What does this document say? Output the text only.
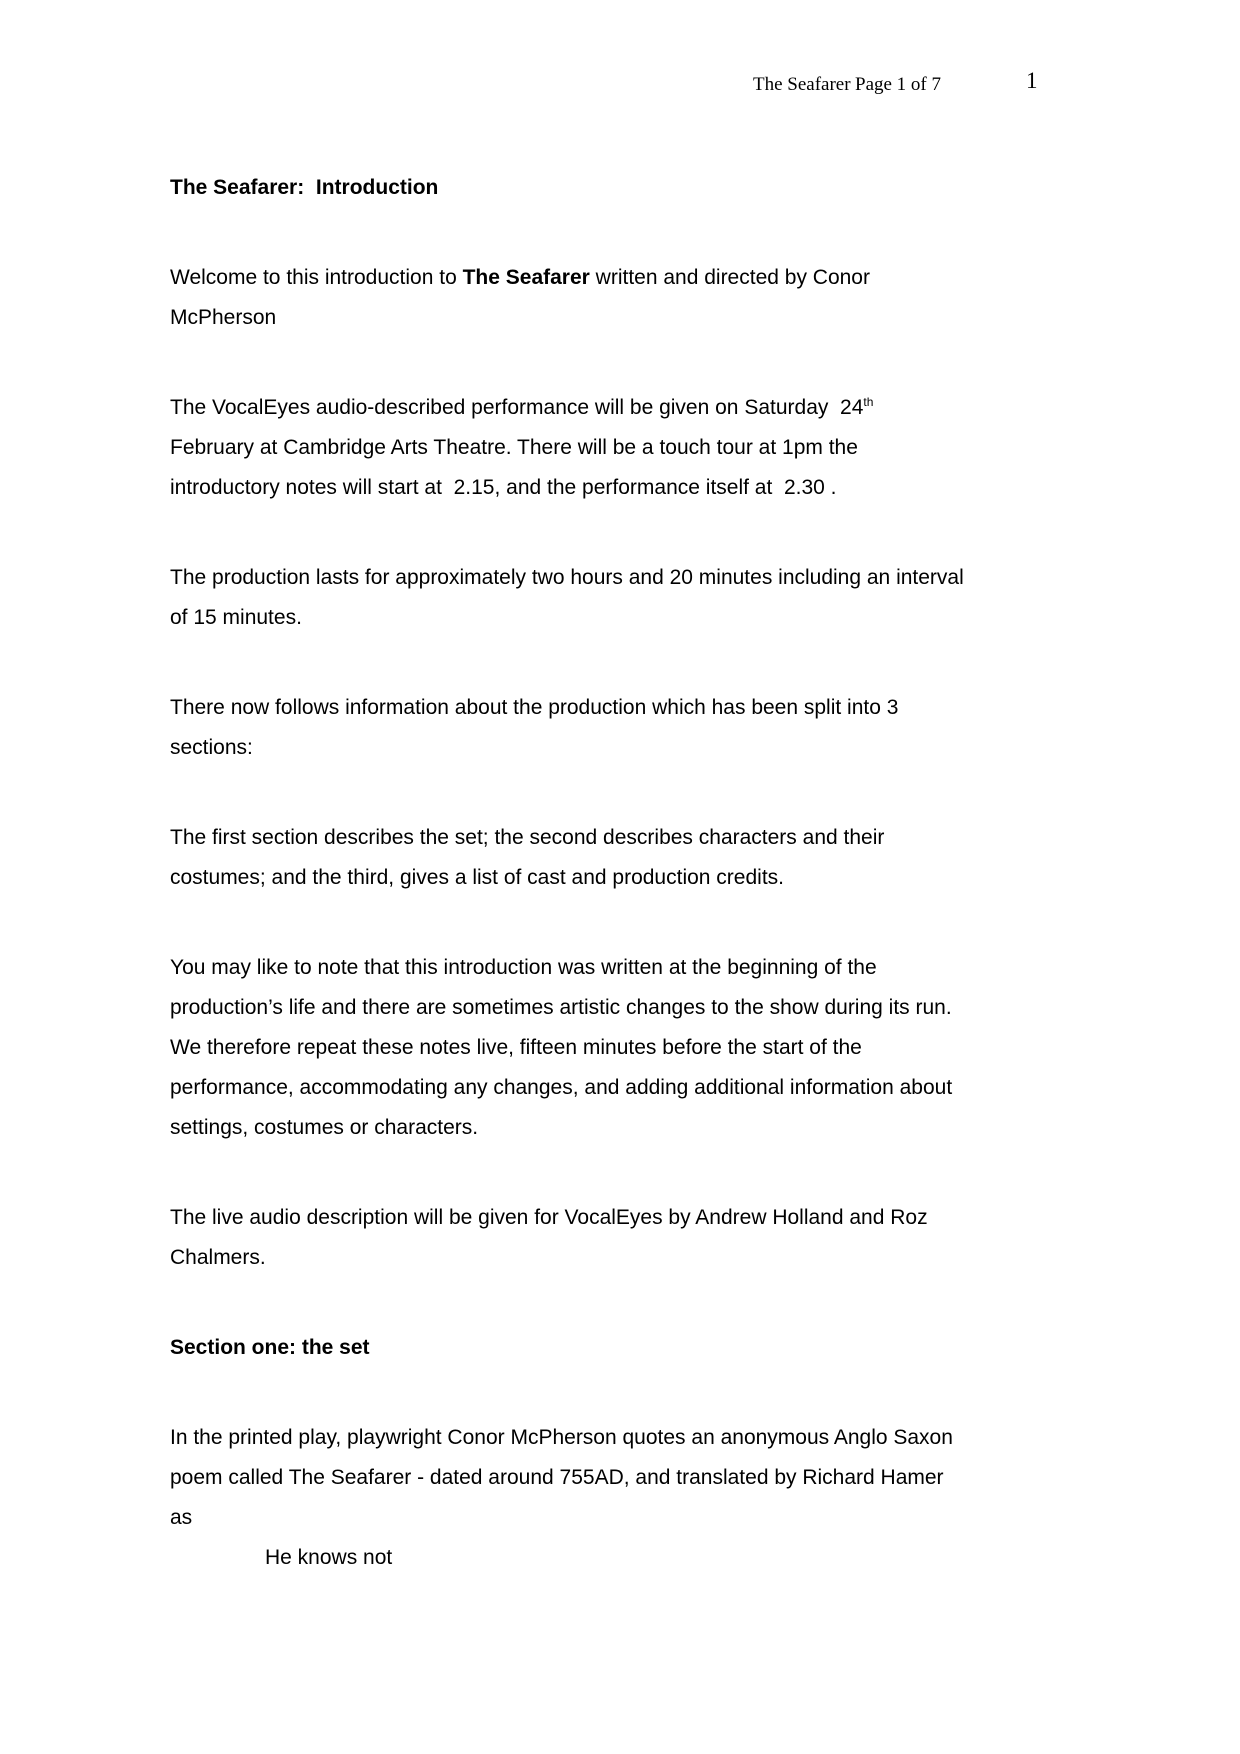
The Seafarer Page 1 of 7	1
The Seafarer:  Introduction
Welcome to this introduction to The Seafarer written and directed by Conor
McPherson
The VocalEyes audio-described performance will be given on Saturday  24th
February at Cambridge Arts Theatre. There will be a touch tour at 1pm the
introductory notes will start at  2.15, and the performance itself at  2.30 .
The production lasts for approximately two hours and 20 minutes including an interval
of 15 minutes.
There now follows information about the production which has been split into 3
sections:
The first section describes the set; the second describes characters and their
costumes; and the third, gives a list of cast and production credits.
You may like to note that this introduction was written at the beginning of the
production’s life and there are sometimes artistic changes to the show during its run.
We therefore repeat these notes live, fifteen minutes before the start of the
performance, accommodating any changes, and adding additional information about
settings, costumes or characters.
The live audio description will be given for VocalEyes by Andrew Holland and Roz
Chalmers.
Section one: the set
In the printed play, playwright Conor McPherson quotes an anonymous Anglo Saxon
poem called The Seafarer - dated around 755AD, and translated by Richard Hamer
as
He knows not
